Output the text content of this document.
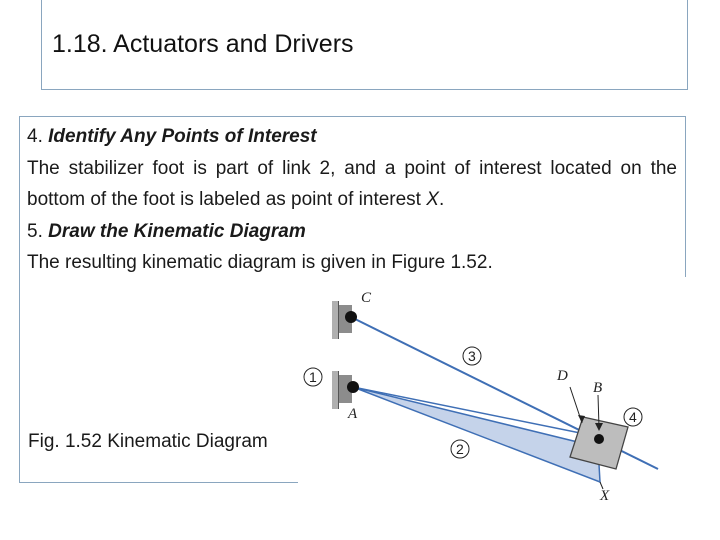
1.18. Actuators and Drivers

4. Identify Any Points of Interest

The stabilizer foot is part of link 2, and a point of interest located on the bottom of the foot is labeled as point of interest X.

5. Draw the Kinematic Diagram

The resulting kinematic diagram is given in Figure 1.52.

Fig. 1.52 Kinematic Diagram
C
A
D
B
X
1
3
2
4
